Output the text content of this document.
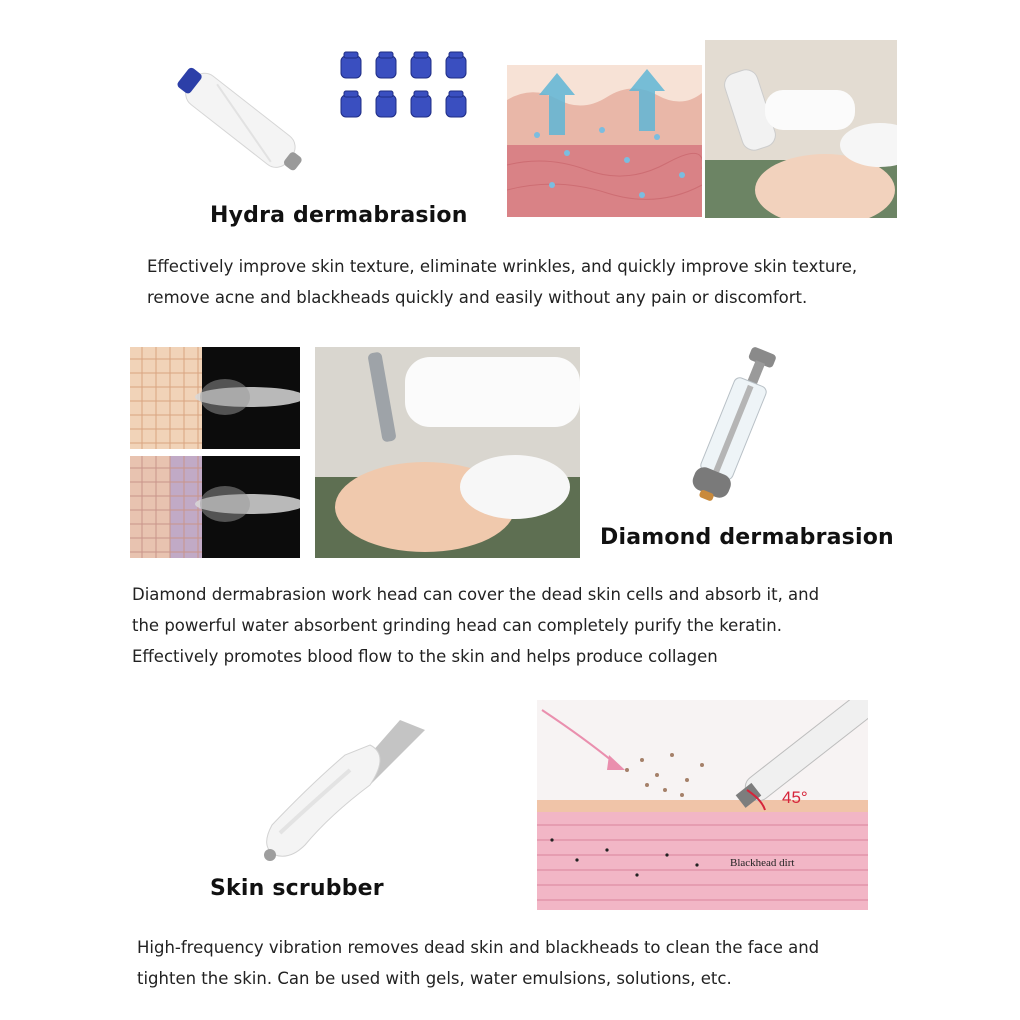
Hydra dermabrasion
Effectively improve skin texture, eliminate wrinkles, and quickly improve skin texture,
remove acne and blackheads quickly and easily without any pain or discomfort.
Diamond dermabrasion
Diamond dermabrasion work head can cover the dead skin cells and absorb it, and
the powerful water absorbent grinding head can completely purify the keratin.
Effectively promotes blood flow to the skin and helps produce collagen
45°
Blackhead dirt
Skin scrubber
High-frequency vibration removes dead skin and blackheads to clean the face and
tighten the skin. Can be used with gels, water emulsions, solutions, etc.
